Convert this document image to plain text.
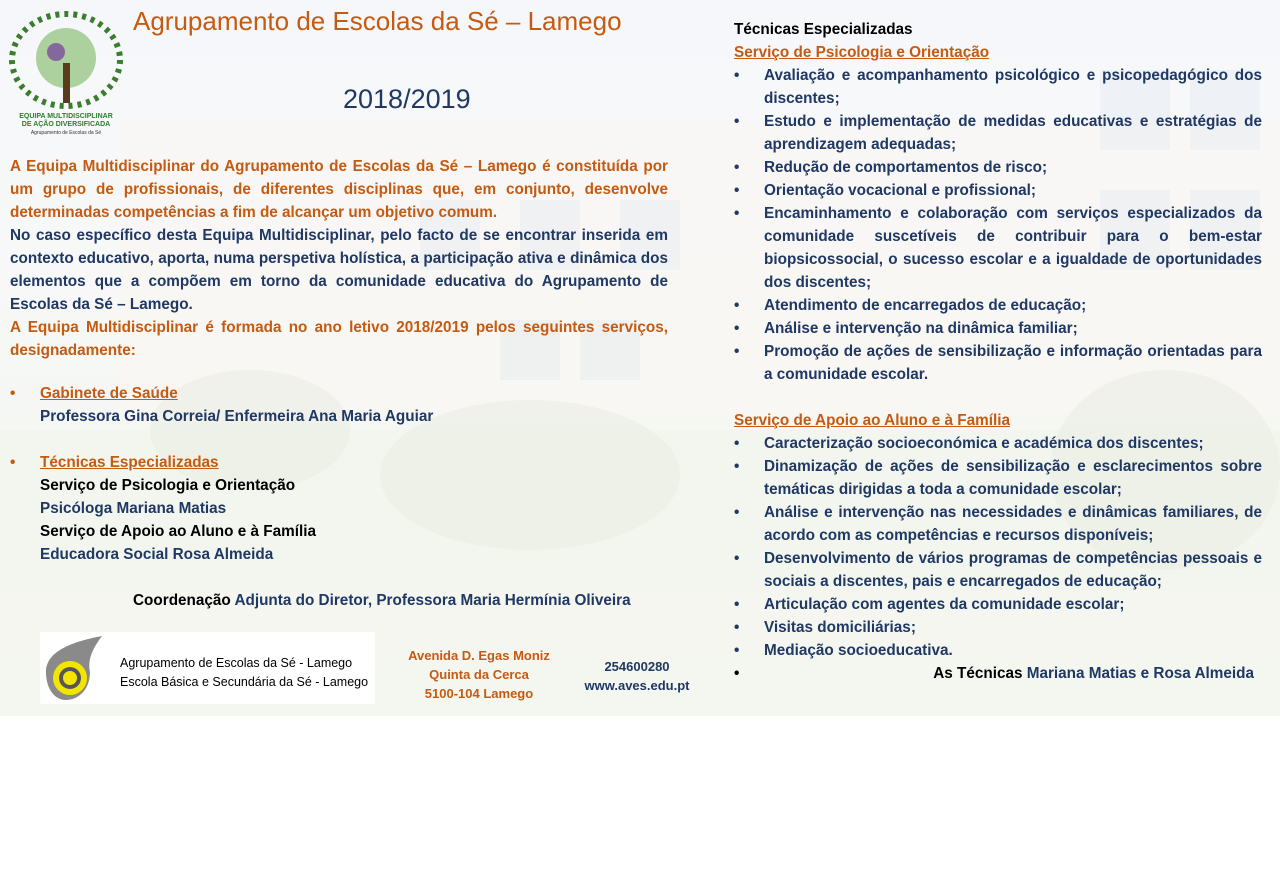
EQUIPA MULTIDISCIPLINAR
DE AÇÃO DIVERSIFICADA
Agrupamento de Escolas da Sé
Agrupamento de Escolas da Sé – Lamego
2018/2019

A Equipa Multidisciplinar do Agrupamento de Escolas da Sé – Lamego é constituída por um grupo de profissionais, de diferentes disciplinas que, em conjunto, desenvolve determinadas competências a fim de alcançar um objetivo comum.

No caso específico desta Equipa Multidisciplinar, pelo facto de se encontrar inserida em contexto educativo, aporta, numa perspetiva holística, a participação ativa e dinâmica dos elementos que a compõem em torno da comunidade educativa do Agrupamento de Escolas da Sé – Lamego.

A Equipa Multidisciplinar é formada no ano letivo 2018/2019 pelos seguintes serviços, designadamente:

• Gabinete de Saúde
Professora Gina Correia/ Enfermeira Ana Maria Aguiar
• Técnicas Especializadas
Serviço de Psicologia e Orientação
Psicóloga Mariana Matias
Serviço de Apoio ao Aluno e à Família
Educadora Social Rosa Almeida
Coordenação Adjunta do Diretor, Professora Maria Hermínia Oliveira
Técnicas Especializadas
Serviço de Psicologia e Orientação
• Avaliação e acompanhamento psicológico e psicopedagógico dos discentes;
• Estudo e implementação de medidas educativas e estratégias de aprendizagem adequadas;
• Redução de comportamentos de risco;
• Orientação vocacional e profissional;
• Encaminhamento e colaboração com serviços especializados da comunidade suscetíveis de contribuir para o bem-estar biopsicossocial, o sucesso escolar e a igualdade de oportunidades dos discentes;
• Atendimento de encarregados de educação;
• Análise e intervenção na dinâmica familiar;
• Promoção de ações de sensibilização e informação orientadas para a comunidade escolar.
Serviço de Apoio ao Aluno e à Família
• Caracterização socioeconómica e académica dos discentes;
• Dinamização de ações de sensibilização e esclarecimentos sobre temáticas dirigidas a toda a comunidade escolar;
• Análise e intervenção nas necessidades e dinâmicas familiares, de acordo com as competências e recursos disponíveis;
• Desenvolvimento de vários programas de competências pessoais e sociais a discentes, pais e encarregados de educação;
• Articulação com agentes da comunidade escolar;
• Visitas domiciliárias;
• Mediação socioeducativa.
•	As Técnicas Mariana Matias e Rosa Almeida
Agrupamento de Escolas da Sé - Lamego
Escola Básica e Secundária da Sé - Lamego
Avenida D. Egas Moniz
Quinta da Cerca
5100-104 Lamego
254600280
www.aves.edu.pt
